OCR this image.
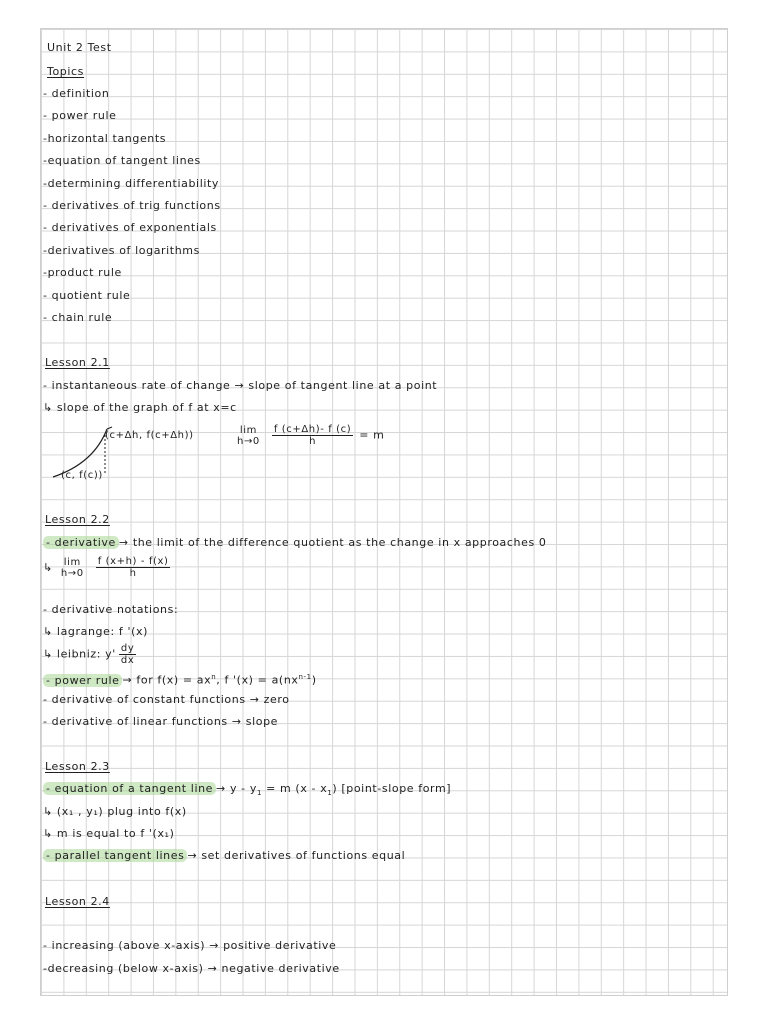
Unit 2 Test
Topics
- definition
- power rule
-horizontal tangents
-equation of tangent lines
-determining differentiability
- derivatives of trig functions
- derivatives of exponentials
-derivatives of logarithms
-product rule
- quotient rule
- chain rule
Lesson 2.1
- instantaneous rate of change → slope of tangent line at a point
↳ slope of the graph of f at x=c
(c+Δh, f(c+Δh))
(c, f(c))
lim
$h\to 0 \frac{f (c+\Delta h)- f (c)}{h} = m$
Lesson 2.2
- derivative → the limit of the difference quotient as the change in x approaches 0
↳ lim
$h\to 0 \frac{f (x+h) - f(x)}{h}$
- derivative notations:
↳ lagrange: f '(x)
↳ leibniz: $y' \frac{dy}{dx}$
- power rule → for $f(x) = ax^n$, f '$(x) = a(nx^{n-1})$
- derivative of constant functions → zero
- derivative of linear functions → slope
Lesson 2.3
- equation of a tangent line → $y - y_1 = m$ $(x - x_1)$ [point-slope form]
↳ (x₁ , y₁) plug into f(x)
↳ m is equal to f '(x₁)
- parallel tangent lines → set derivatives of functions equal
Lesson 2.4
- increasing (above x-axis) → positive derivative
-decreasing (below x-axis) → negative derivative
